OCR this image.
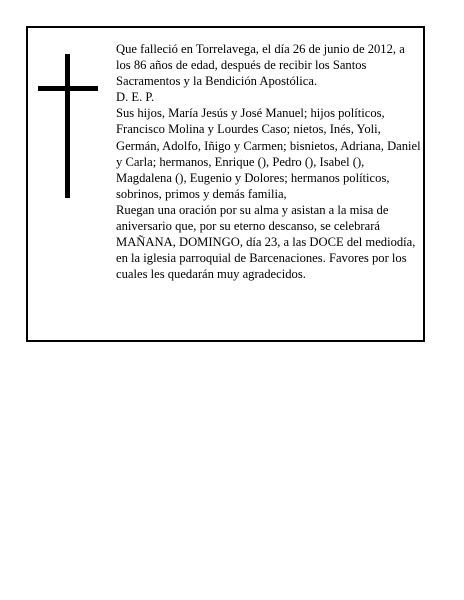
Que falleció en Torrelavega, el día 26 de junio de 2012, a los 86 años de edad, después de recibir los Santos Sacramentos y la Bendición Apostólica.

D. E. P.

Sus hijos, María Jesús y José Manuel; hijos políticos, Francisco Molina y Lourdes Caso; nietos, Inés, Yoli, Germán, Adolfo, Iñigo y Carmen; bisnietos, Adriana, Daniel y Carla; hermanos, Enrique (), Pedro (), Isabel (), Magdalena (), Eugenio y Dolores; hermanos políticos, sobrinos, primos y demás familia,

Ruegan una oración por su alma y asistan a la misa de aniversario que, por su eterno descanso, se celebrará MAÑANA, DOMINGO, día 23, a las DOCE del mediodía, en la iglesia parroquial de Barcenaciones. Favores por los cuales les quedarán muy agradecidos.
